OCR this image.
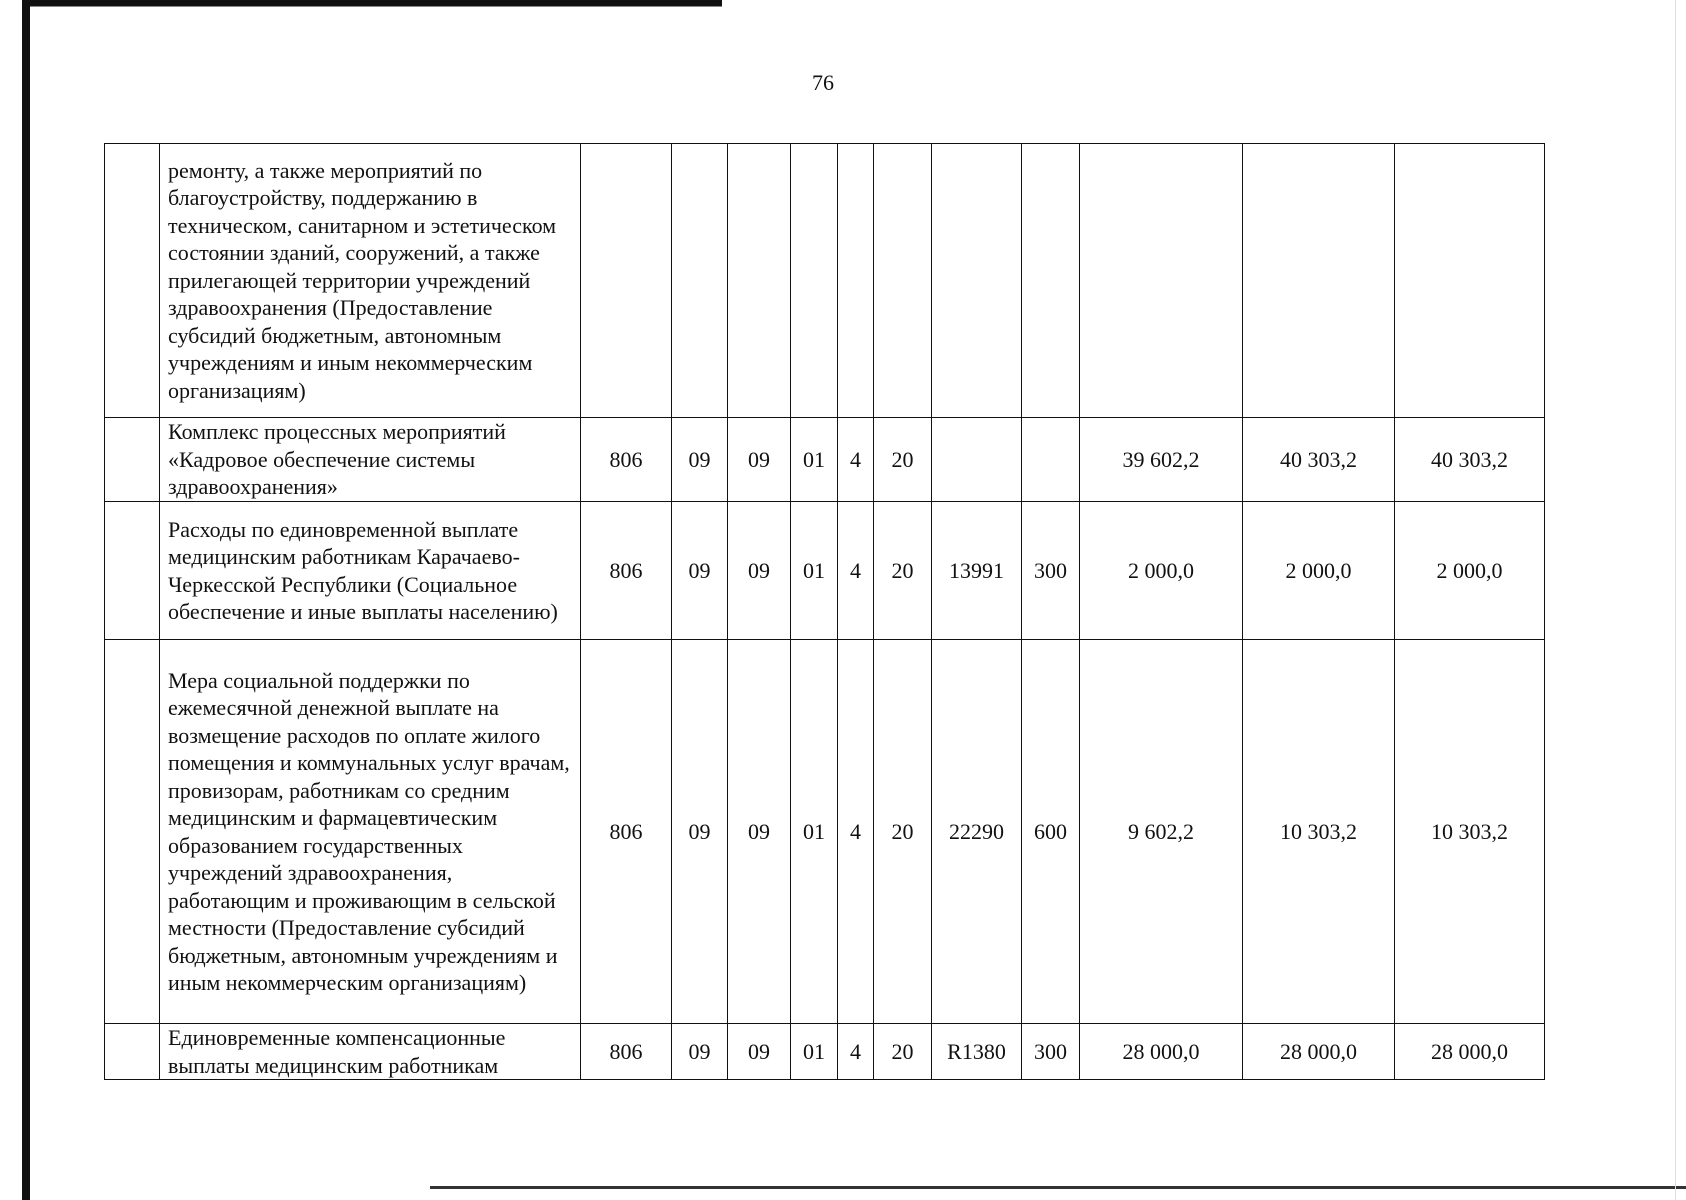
76
	ремонту, а также мероприятий по благоустройству, поддержанию в техническом, санитарном и эстетическом состоянии зданий, сооружений, а также прилегающей территории учреждений здравоохранения (Предоставление субсидий бюджетным, автономным учреждениям и иным некоммерческим организациям)											
	Комплекс процессных мероприятий «Кадровое обеспечение системы здравоохранения»	806	09	09	01	4	20			39 602,2	40 303,2	40 303,2
	Расходы по единовременной выплате медицинским работникам Карачаево-Черкесской Республики (Социальное обеспечение и иные выплаты населению)	806	09	09	01	4	20	13991	300	2 000,0	2 000,0	2 000,0
	Мера социальной поддержки по ежемесячной денежной выплате на возмещение расходов по оплате жилого помещения и коммунальных услуг врачам, провизорам, работникам со средним медицинским и фармацевтическим образованием государственных учреждений здравоохранения, работающим и проживающим в сельской местности (Предоставление субсидий бюджетным, автономным учреждениям и иным некоммерческим организациям)	806	09	09	01	4	20	22290	600	9 602,2	10 303,2	10 303,2
	Единовременные компенсационные выплаты медицинским работникам	806	09	09	01	4	20	R1380	300	28 000,0	28 000,0	28 000,0
